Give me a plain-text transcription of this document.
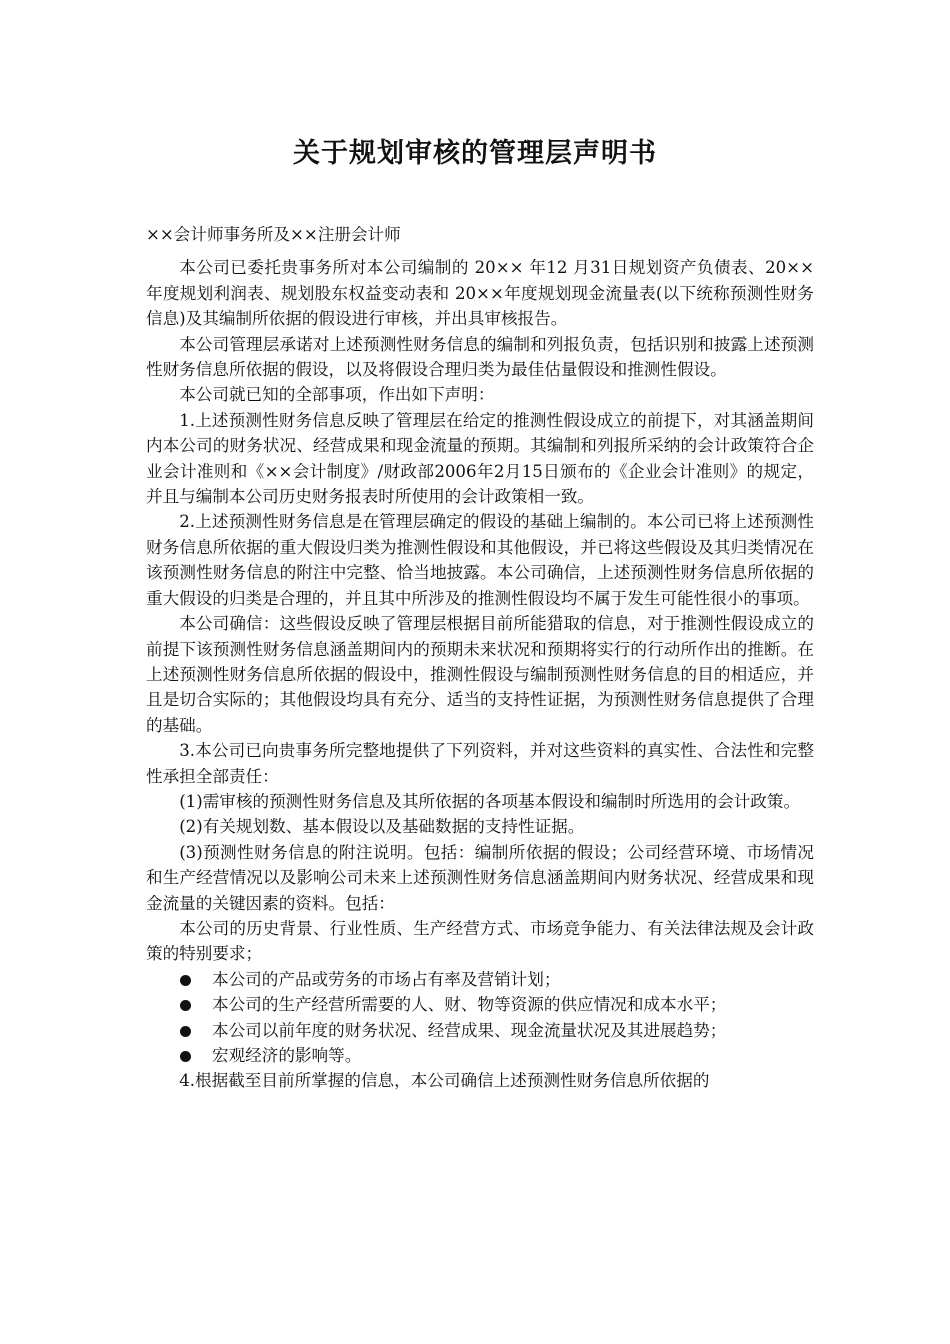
关于规划审核的管理层声明书

××会计师事务所及××注册会计师

本公司已委托贵事务所对本公司编制的 20×× 年12 月31日规划资产负债表、20×× 年度规划利润表、规划股东权益变动表和 20××年度规划现金流量表(以下统称预测性财务信息)及其编制所依据的假设进行审核，并出具审核报告。

本公司管理层承诺对上述预测性财务信息的编制和列报负责，包括识别和披露上述预测性财务信息所依据的假设，以及将假设合理归类为最佳估量假设和推测性假设。

本公司就已知的全部事项，作出如下声明：

1.上述预测性财务信息反映了管理层在给定的推测性假设成立的前提下，对其涵盖期间内本公司的财务状况、经营成果和现金流量的预期。其编制和列报所采纳的会计政策符合企业会计准则和《××会计制度》/财政部2006年2月15日颁布的《企业会计准则》的规定，并且与编制本公司历史财务报表时所使用的会计政策相一致。

2.上述预测性财务信息是在管理层确定的假设的基础上编制的。本公司已将上述预测性财务信息所依据的重大假设归类为推测性假设和其他假设，并已将这些假设及其归类情况在该预测性财务信息的附注中完整、恰当地披露。本公司确信，上述预测性财务信息所依据的重大假设的归类是合理的，并且其中所涉及的推测性假设均不属于发生可能性很小的事项。

本公司确信：这些假设反映了管理层根据目前所能猎取的信息，对于推测性假设成立的前提下该预测性财务信息涵盖期间内的预期未来状况和预期将实行的行动所作出的推断。在上述预测性财务信息所依据的假设中，推测性假设与编制预测性财务信息的目的相适应，并且是切合实际的；其他假设均具有充分、适当的支持性证据，为预测性财务信息提供了合理的基础。

3.本公司已向贵事务所完整地提供了下列资料，并对这些资料的真实性、合法性和完整性承担全部责任：

(1)需审核的预测性财务信息及其所依据的各项基本假设和编制时所选用的会计政策。

(2)有关规划数、基本假设以及基础数据的支持性证据。

(3)预测性财务信息的附注说明。包括：编制所依据的假设；公司经营环境、市场情况和生产经营情况以及影响公司未来上述预测性财务信息涵盖期间内财务状况、经营成果和现金流量的关键因素的资料。包括：

本公司的历史背景、行业性质、生产经营方式、市场竞争能力、有关法律法规及会计政策的特别要求；

本公司的产品或劳务的市场占有率及营销计划；
本公司的生产经营所需要的人、财、物等资源的供应情况和成本水平；
本公司以前年度的财务状况、经营成果、现金流量状况及其进展趋势；
宏观经济的影响等。

4.根据截至目前所掌握的信息，本公司确信上述预测性财务信息所依据的
